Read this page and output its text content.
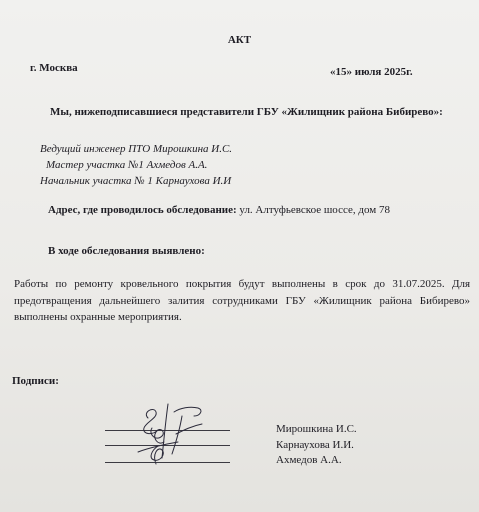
АКТ
г. Москва	«15» июля 2025г.
Мы, нижеподписавшиеся представители ГБУ «Жилищник района Бибирево»:
Ведущий инженер ПТО Мирошкина И.С.
Мастер участка №1 Ахмедов А.А.
Начальник участка № 1 Карнаухова И.И
Адрес, где проводилось обследование: ул. Алтуфьевское шоссе, дом 78
В ходе обследования выявлено:
Работы по ремонту кровельного покрытия будут выполнены в срок до 31.07.2025. Для предотвращения дальнейшего залития сотрудниками ГБУ «Жилищник района Бибирево» выполнены охранные мероприятия.
Подписи:
Мирошкина И.С.
Карнаухова И.И.
Ахмедов А.А.
